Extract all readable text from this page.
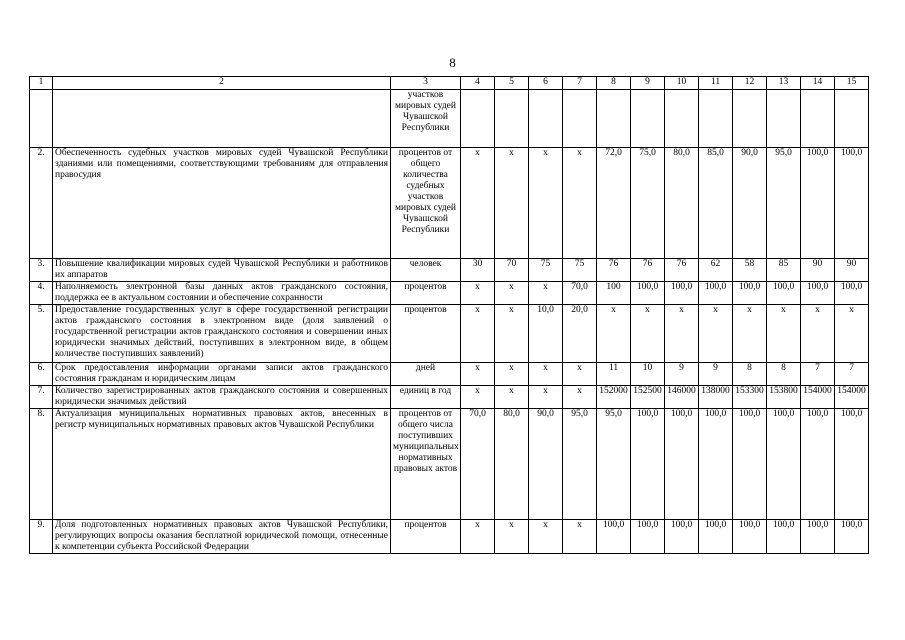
8
1	2	3	4	5	6	7	8	9	10	11	12	13	14	15
		участков мировых судей Чувашской Республики												
2.	Обеспеченность судебных участков мировых судей Чувашской Республики зданиями или помещениями, соответствующими требованиям для отправления правосудия	процентов от общего количества судебных участков мировых судей Чувашской Республики	х	х	х	х	72,0	75,0	80,0	85,0	90,0	95,0	100,0	100,0
3.	Повышение квалификации мировых судей Чувашской Республики и работников их аппаратов	человек	30	70	75	75	76	76	76	62	58	85	90	90
4.	Наполняемость электронной базы данных актов гражданского состояния, поддержка ее в актуальном состоянии и обеспечение сохранности	процентов	х	х	х	70,0	100	100,0	100,0	100,0	100,0	100,0	100,0	100,0
5.	Предоставление государственных услуг в сфере государственной регистрации актов гражданского состояния в электронном виде (доля заявлений о государственной регистрации актов гражданского состояния и совершении иных юридически значимых действий, поступивших в электронном виде, в общем количестве поступивших заявлений)	процентов	х	х	10,0	20,0	х	х	х	х	х	х	х	х
6.	Срок предоставления информации органами записи актов гражданского состояния гражданам и юридическим лицам	дней	х	х	х	х	11	10	9	9	8	8	7	7
7.	Количество зарегистрированных актов гражданского состояния и совершенных юридически значимых действий	единиц в год	х	х	х	х	152000	152500	146000	138000	153300	153800	154000	154000
8.	Актуализация муниципальных нормативных правовых актов, внесенных в регистр муниципальных нормативных правовых актов Чувашской Республики	процентов от общего числа поступивших муниципальных нормативных правовых актов	70,0	80,0	90,0	95,0	95,0	100,0	100,0	100,0	100,0	100,0	100,0	100,0
9.	Доля подготовленных нормативных правовых актов Чувашской Республики, регулирующих вопросы оказания бесплатной юридической помощи, отнесенные к компетенции субъекта Российской Федерации	процентов	х	х	х	х	100,0	100,0	100,0	100,0	100,0	100,0	100,0	100,0
